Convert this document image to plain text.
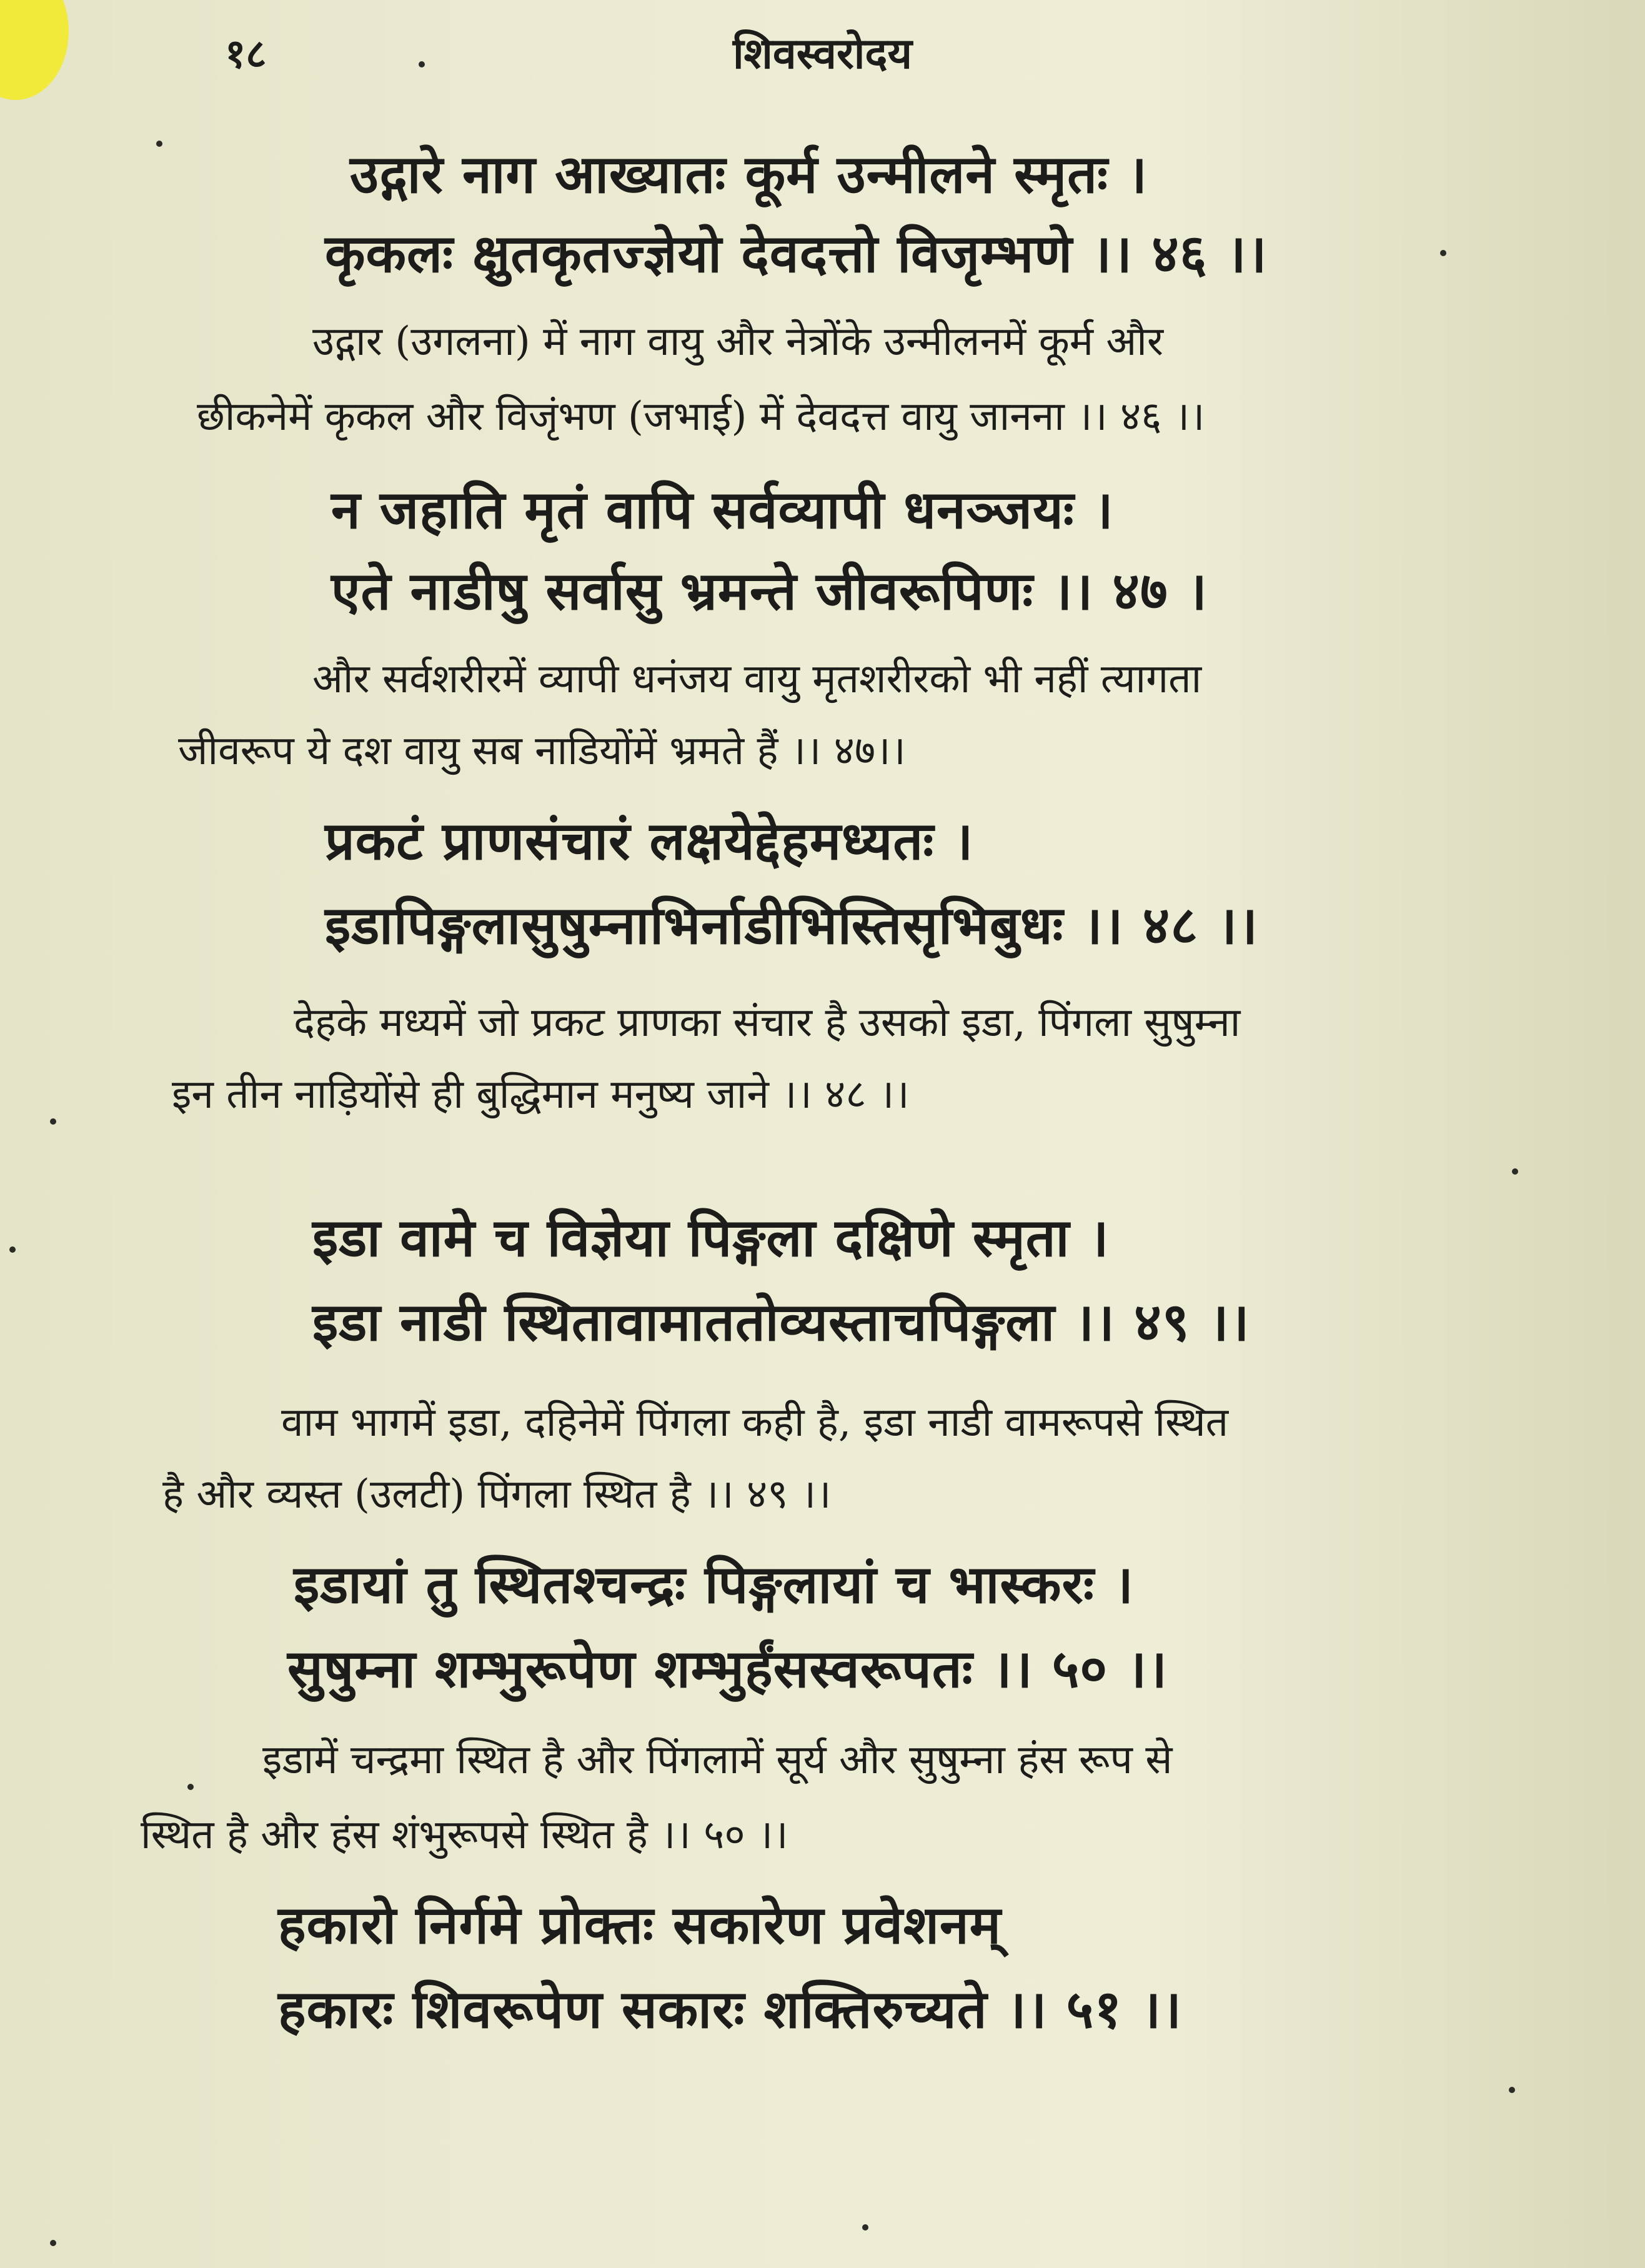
शिवस्वरोदय
१८
उद्गारे नाग आख्यातः कूर्म उन्मीलने स्मृतः ।
कृकलः क्षुतकृतज्ज्ञेयो देवदत्तो विजृम्भणे ।। ४६ ।।
उद्गार (उगलना) में नाग वायु और नेत्रोंके उन्मीलनमें कूर्म और
छीकनेमें कृकल और विजृंभण (जभाई) में देवदत्त वायु जानना ।। ४६ ।।
न जहाति मृतं वापि सर्वव्यापी धनञ्जयः ।
एते नाडीषु सर्वासु भ्रमन्ते जीवरूपिणः ।। ४७ ।
और सर्वशरीरमें व्यापी धनंजय वायु मृतशरीरको भी नहीं त्यागता
जीवरूप ये दश वायु सब नाडियोंमें भ्रमते हैं ।। ४७।।
प्रकटं प्राणसंचारं लक्षयेद्देहमध्यतः ।
इडापिङ्गलासुषुम्नाभिर्नाडीभिस्तिसृभिबुधः ।। ४८ ।।
देहके मध्यमें जो प्रकट प्राणका संचार है उसको इडा, पिंगला सुषुम्ना
इन तीन नाड़ियोंसे ही बुद्धिमान मनुष्य जाने ।। ४८ ।।
इडा वामे च विज्ञेया पिङ्गला दक्षिणे स्मृता ।
इडा नाडी स्थितावामाततोव्यस्ताचपिङ्गला ।। ४९ ।।
वाम भागमें इडा, दहिनेमें पिंगला कही है, इडा नाडी वामरूपसे स्थित
है और व्यस्त (उलटी) पिंगला स्थित है ।। ४९ ।।
इडायां तु स्थितश्चन्द्रः पिङ्गलायां च भास्करः ।
सुषुम्ना शम्भुरूपेण शम्भुर्हंसस्वरूपतः ।। ५० ।।
इडामें चन्द्रमा स्थित है और पिंगलामें सूर्य और सुषुम्ना हंस रूप से
स्थित है और हंस शंभुरूपसे स्थित है ।। ५० ।।
हकारो निर्गमे प्रोक्तः सकारेण प्रवेशनम्
हकारः शिवरूपेण सकारः शक्तिरुच्यते ।। ५१ ।।
